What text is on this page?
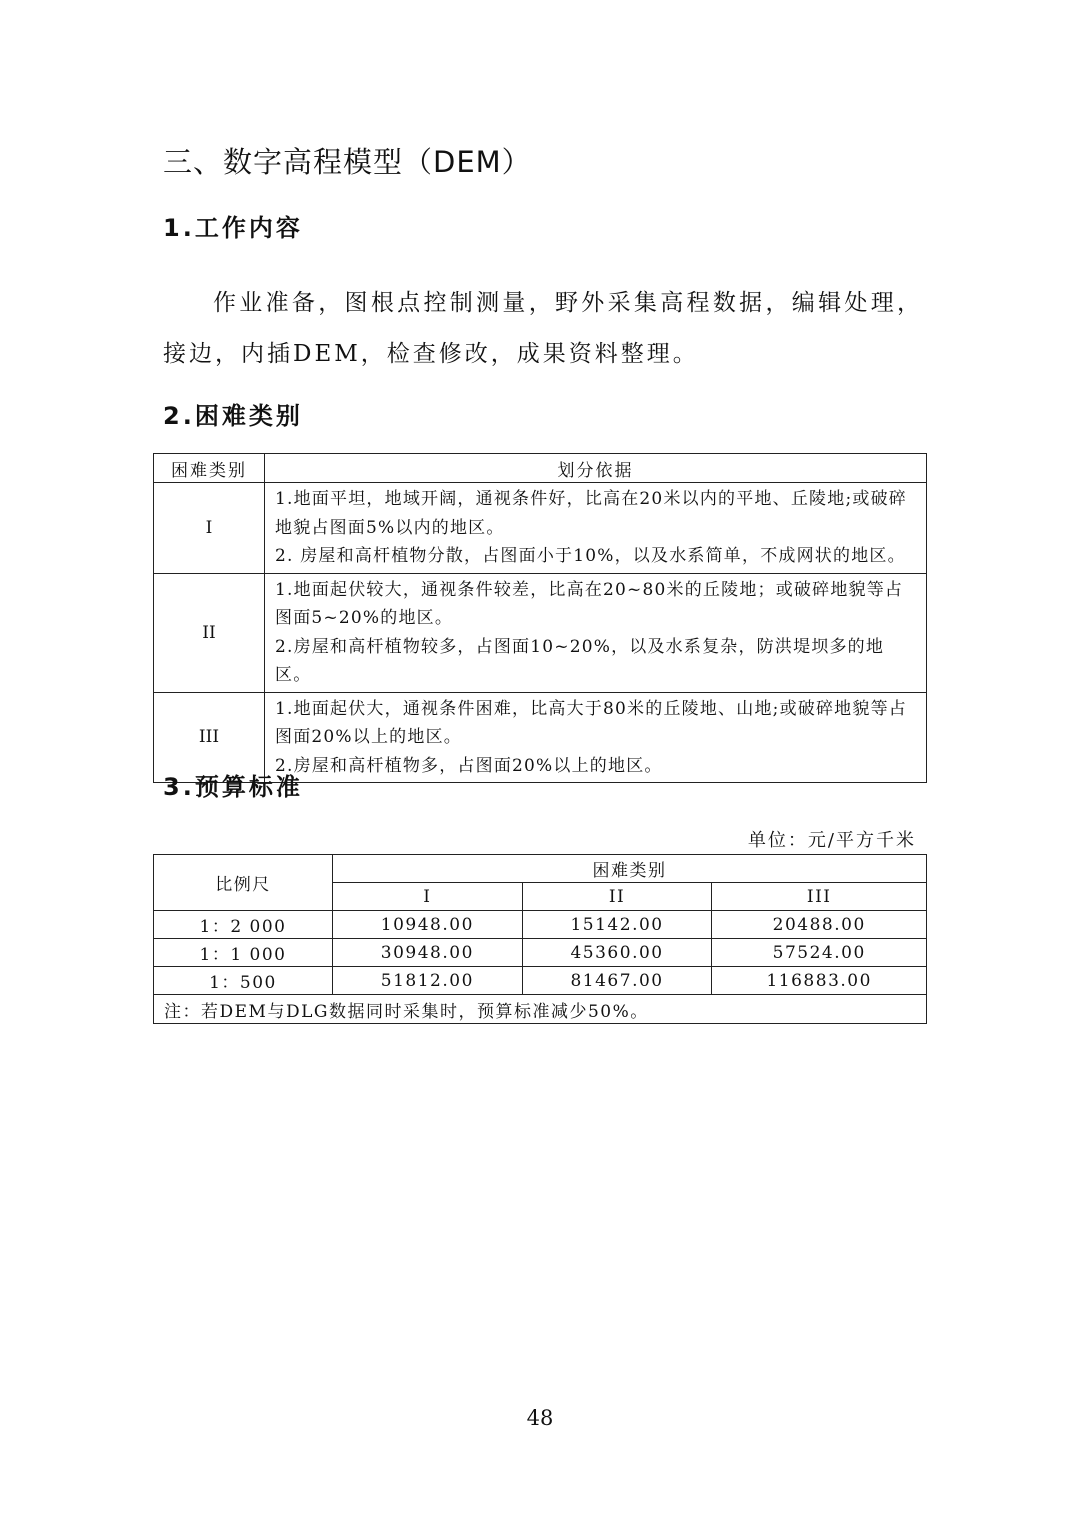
三、数字高程模型（DEM）
1.工作内容

作业准备，图根点控制测量，野外采集高程数据，编辑处理，接边，内插DEM，检查修改，成果资料整理。

2.困难类别
困难类别	划分依据
I	1.地面平坦，地域开阔，通视条件好，比高在20米以内的平地、丘陵地;或破碎地貌占图面5%以内的地区。
2. 房屋和高杆植物分散，占图面小于10%，以及水系简单，不成网状的地区。

II	1.地面起伏较大，通视条件较差，比高在20~80米的丘陵地；或破碎地貌等占图面5~20%的地区。
2.房屋和高杆植物较多，占图面10~20%，以及水系复杂，防洪堤坝多的地区。

III	1.地面起伏大，通视条件困难，比高大于80米的丘陵地、山地;或破碎地貌等占图面20%以上的地区。
2.房屋和高杆植物多，占图面20%以上的地区。
3.预算标准
单位：元/平方千米
比例尺	困难类别		
	I	II	III
1：2 000	10948.00	15142.00	20488.00
1：1 000	30948.00	45360.00	57524.00
1：500	51812.00	81467.00	116883.00
注：若DEM与DLG数据同时采集时，预算标准减少50%。			
48
